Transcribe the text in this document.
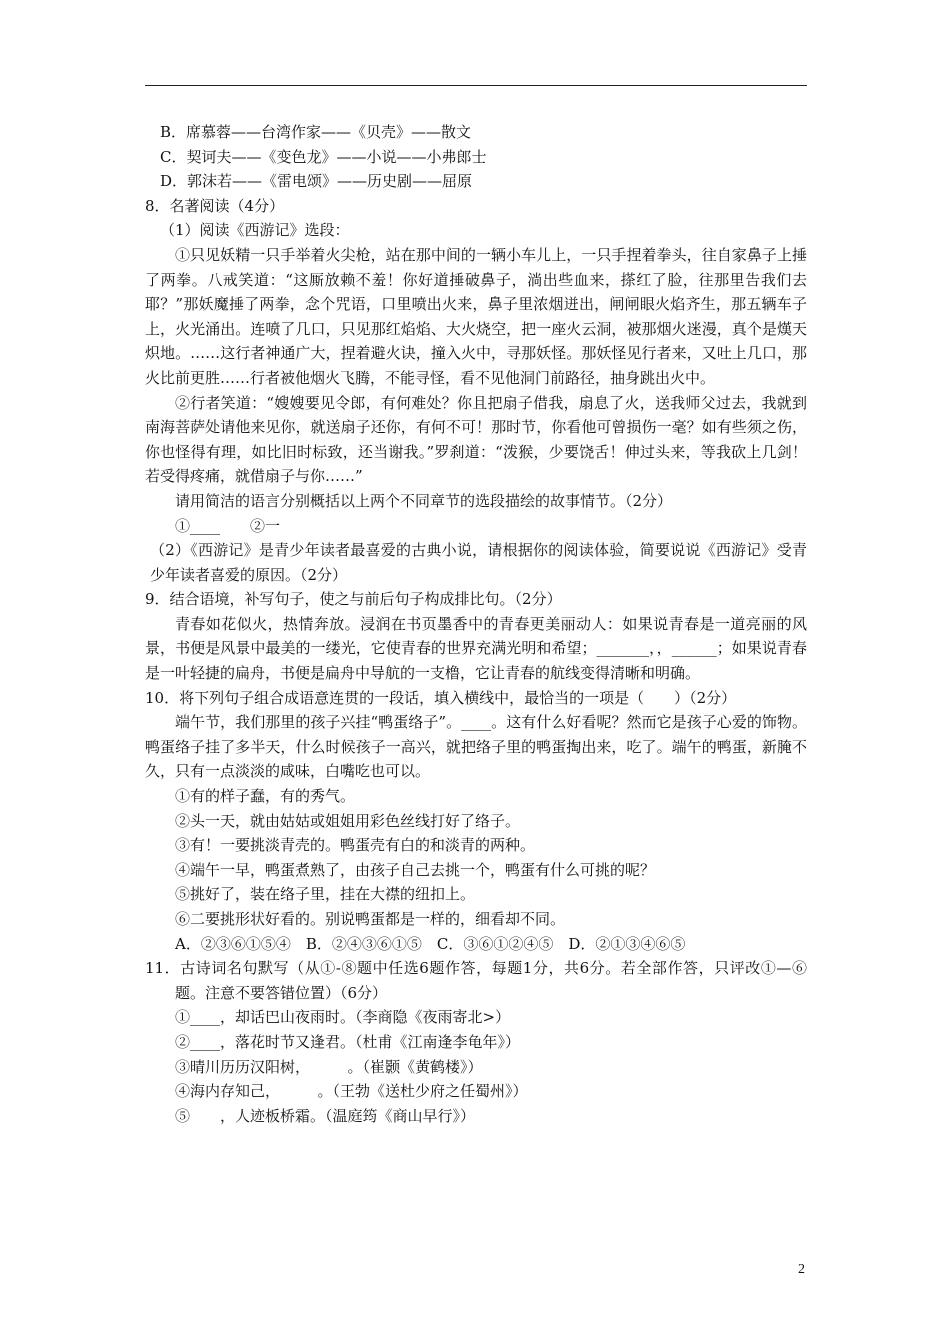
B．席慕蓉——台湾作家——《贝壳》——散文
C．契诃夫——《变色龙》——小说——小弗郎士
D．郭沫若——《雷电颂》——历史剧——屈原
8．名著阅读（4分）
（1）阅读《西游记》选段：
①只见妖精一只手举着火尖枪，站在那中间的一辆小车儿上，一只手捏着拳头，往自家鼻子上捶了两拳。八戒笑道：“这厮放赖不羞！你好道捶破鼻子，淌出些血来，搽红了脸，往那里告我们去耶？”那妖魔捶了两拳，念个咒语，口里喷出火来，鼻子里浓烟迸出，闸闸眼火焰齐生，那五辆车子上，火光涌出。连喷了几口，只见那红焰焰、大火烧空，把一座火云洞，被那烟火迷漫，真个是熯天炽地。……这行者神通广大，捏着避火诀，撞入火中，寻那妖怪。那妖怪见行者来，又吐上几口，那火比前更胜……行者被他烟火飞腾，不能寻怪，看不见他洞门前路径，抽身跳出火中。
②行者笑道：“嫂嫂要见令郎，有何难处？你且把扇子借我，扇息了火，送我师父过去，我就到南海菩萨处请他来见你，就送扇子还你，有何不可！那时节，你看他可曾损伤一毫？如有些须之伤，你也怪得有理，如比旧时标致，还当谢我。”罗刹道：“泼猴，少要饶舌！伸过头来，等我砍上几剑！若受得疼痛，就借扇子与你……”
请用简洁的语言分别概括以上两个不同章节的选段描绘的故事情节。（2分）
①____　　②一
（2）《西游记》是青少年读者最喜爱的古典小说，请根据你的阅读体验，简要说说《西游记》受青少年读者喜爱的原因。（2分）
9．结合语境，补写句子，使之与前后句子构成排比句。（2分）
青春如花似火，热情奔放。浸润在书页墨香中的青春更美丽动人：如果说青春是一道亮丽的风景，书便是风景中最美的一缕光，它使青春的世界充满光明和希望；_______，，______；如果说青春是一叶轻捷的扁舟，书便是扁舟中导航的一支橹，它让青春的航线变得清晰和明确。
10．将下列句子组合成语意连贯的一段话，填入横线中，最恰当的一项是（　　）（2分）
端午节，我们那里的孩子兴挂“鸭蛋络子”。____。这有什么好看呢？然而它是孩子心爱的饰物。鸭蛋络子挂了多半天，什么时候孩子一高兴，就把络子里的鸭蛋掏出来，吃了。端午的鸭蛋，新腌不久，只有一点淡淡的咸味，白嘴吃也可以。
①有的样子蠢，有的秀气。
②头一天，就由姑姑或姐姐用彩色丝线打好了络子。
③有！一要挑淡青壳的。鸭蛋壳有白的和淡青的两种。
④端午一早，鸭蛋煮熟了，由孩子自己去挑一个，鸭蛋有什么可挑的呢？
⑤挑好了，装在络子里，挂在大襟的纽扣上。
⑥二要挑形状好看的。别说鸭蛋都是一样的，细看却不同。
A．②③⑥①⑤④　B．②④③⑥①⑤　C．③⑥①②④⑤　D．②①③④⑥⑤
11．古诗词名句默写（从①-⑧题中任选6题作答，每题1分，共6分。若全部作答，只评改①—⑥题。注意不要答错位置）（6分）
①____，却话巴山夜雨时。（李商隐《夜雨寄北>）
②____，落花时节又逢君。（杜甫《江南逢李龟年》）
③晴川历历汉阳树，　　　。（崔颢《黄鹤楼》）
④海内存知己，　　　。（王勃《送杜少府之任蜀州》）
⑤　　，人迹板桥霜。（温庭筠《商山早行》）
2
